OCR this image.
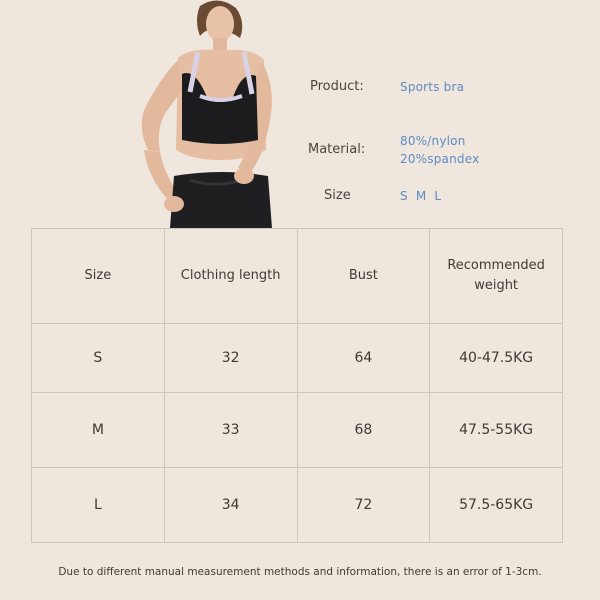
Product:	Sports bra
Material:
80%/nylon
20%spandex
Size	S  M  L
Size	Clothing length	Bust	Recommended weight

S	32	64	40-47.5KG
M	33	68	47.5-55KG
L	34	72	57.5-65KG
Due to different manual measurement methods and information, there is an error of 1-3cm.
